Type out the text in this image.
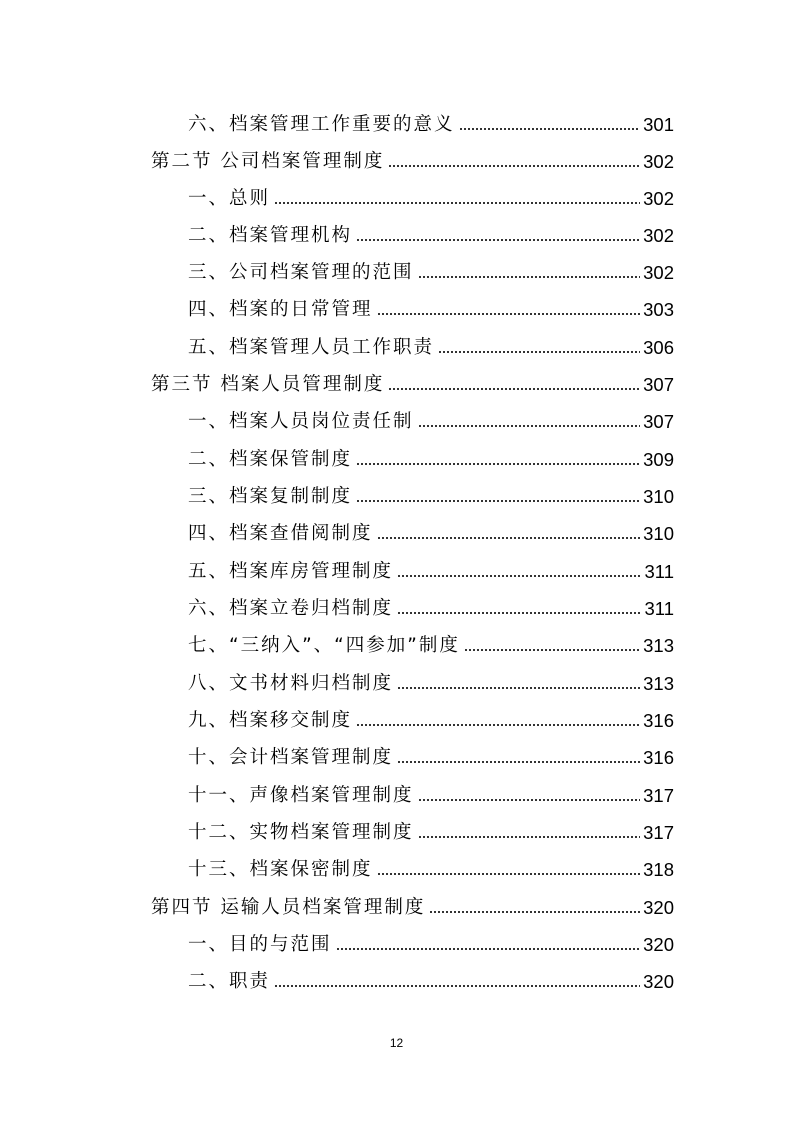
六、档案管理工作重要的意义	301
第二节 公司档案管理制度	302
一、总则	302
二、档案管理机构	302
三、公司档案管理的范围	302
四、档案的日常管理	303
五、档案管理人员工作职责	306
第三节 档案人员管理制度	307
一、档案人员岗位责任制	307
二、档案保管制度	309
三、档案复制制度	310
四、档案查借阅制度	310
五、档案库房管理制度	311
六、档案立卷归档制度	311
七、“三纳入”、“四参加”制度	313
八、文书材料归档制度	313
九、档案移交制度	316
十、会计档案管理制度	316
十一、声像档案管理制度	317
十二、实物档案管理制度	317
十三、档案保密制度	318
第四节 运输人员档案管理制度	320
一、目的与范围	320
二、职责	320
12
